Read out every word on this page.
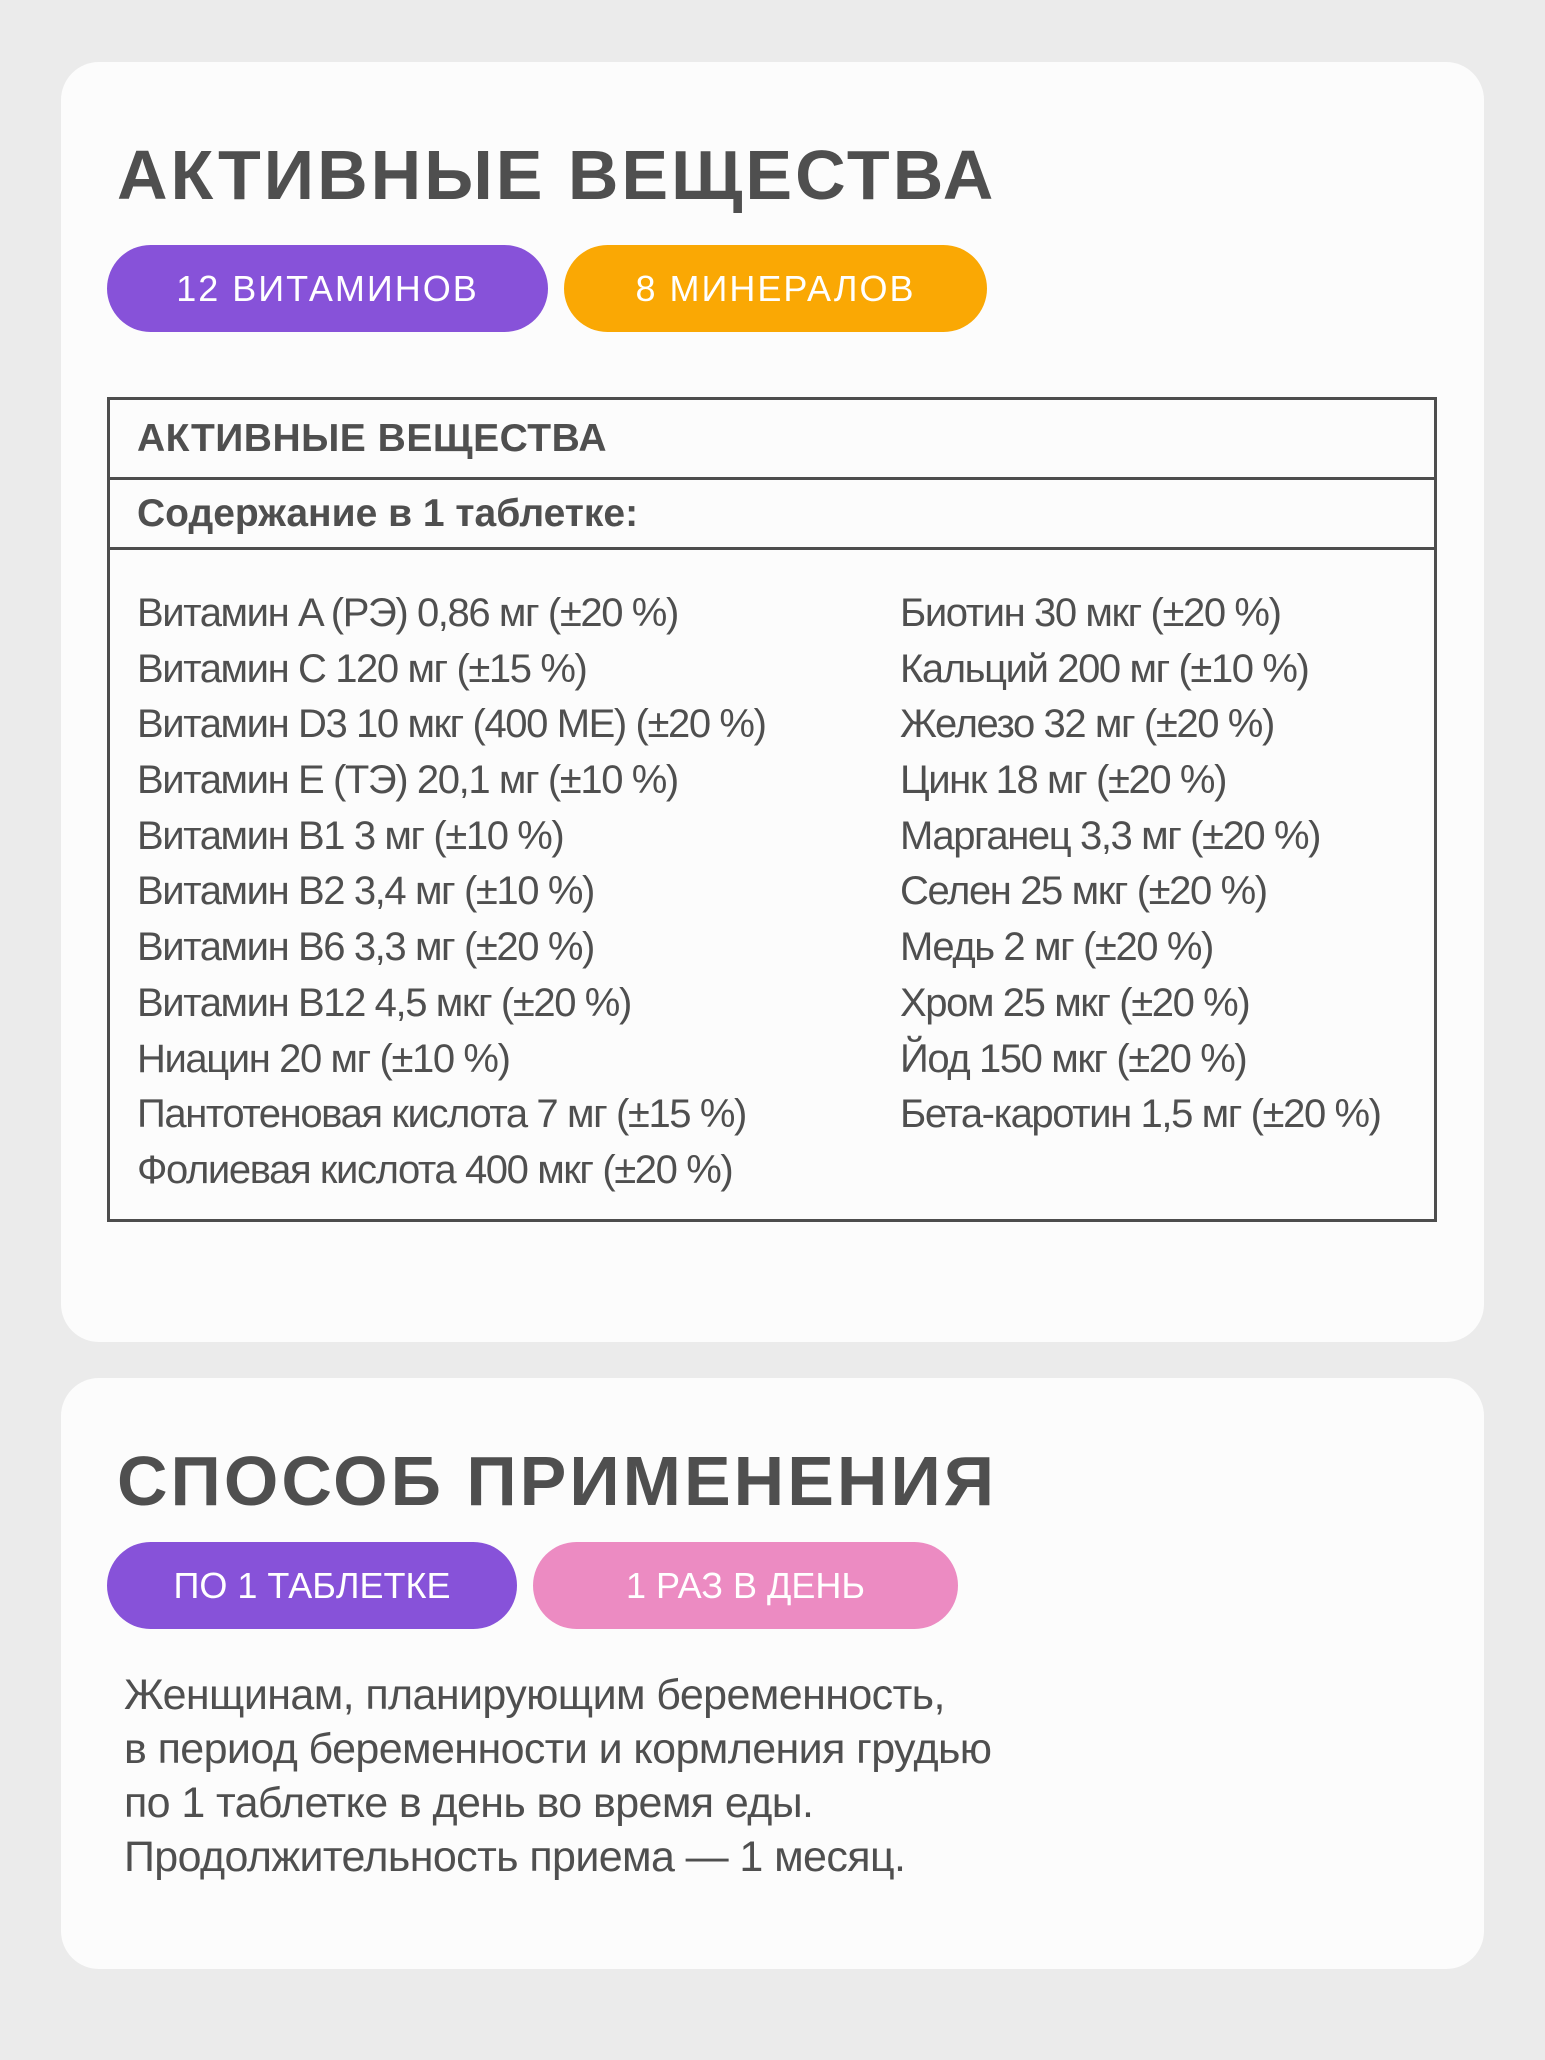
АКТИВНЫЕ ВЕЩЕСТВА
12 ВИТАМИНОВ	8 МИНЕРАЛОВ
АКТИВНЫЕ ВЕЩЕСТВА
Содержание в 1 таблетке:
Витамин A (РЭ) 0,86 мг (±20 %)
Витамин C 120 мг (±15 %)
Витамин D3 10 мкг (400 МЕ) (±20 %)
Витамин E (ТЭ) 20,1 мг (±10 %)
Витамин B1 3 мг (±10 %)
Витамин B2 3,4 мг (±10 %)
Витамин B6 3,3 мг (±20 %)
Витамин B12 4,5 мкг (±20 %)
Ниацин 20 мг (±10 %)
Пантотеновая кислота 7 мг (±15 %)
Фолиевая кислота 400 мкг (±20 %)
Биотин 30 мкг (±20 %)
Кальций 200 мг (±10 %)
Железо 32 мг (±20 %)
Цинк 18 мг (±20 %)
Марганец 3,3 мг (±20 %)
Селен 25 мкг (±20 %)
Медь 2 мг (±20 %)
Хром 25 мкг (±20 %)
Йод 150 мкг (±20 %)
Бета-каротин 1,5 мг (±20 %)
СПОСОБ ПРИМЕНЕНИЯ
ПО 1 ТАБЛЕТКЕ	1 РАЗ В ДЕНЬ

Женщинам, планирующим беременность,
в период беременности и кормления грудью
по 1 таблетке в день во время еды.
Продолжительность приема — 1 месяц.
